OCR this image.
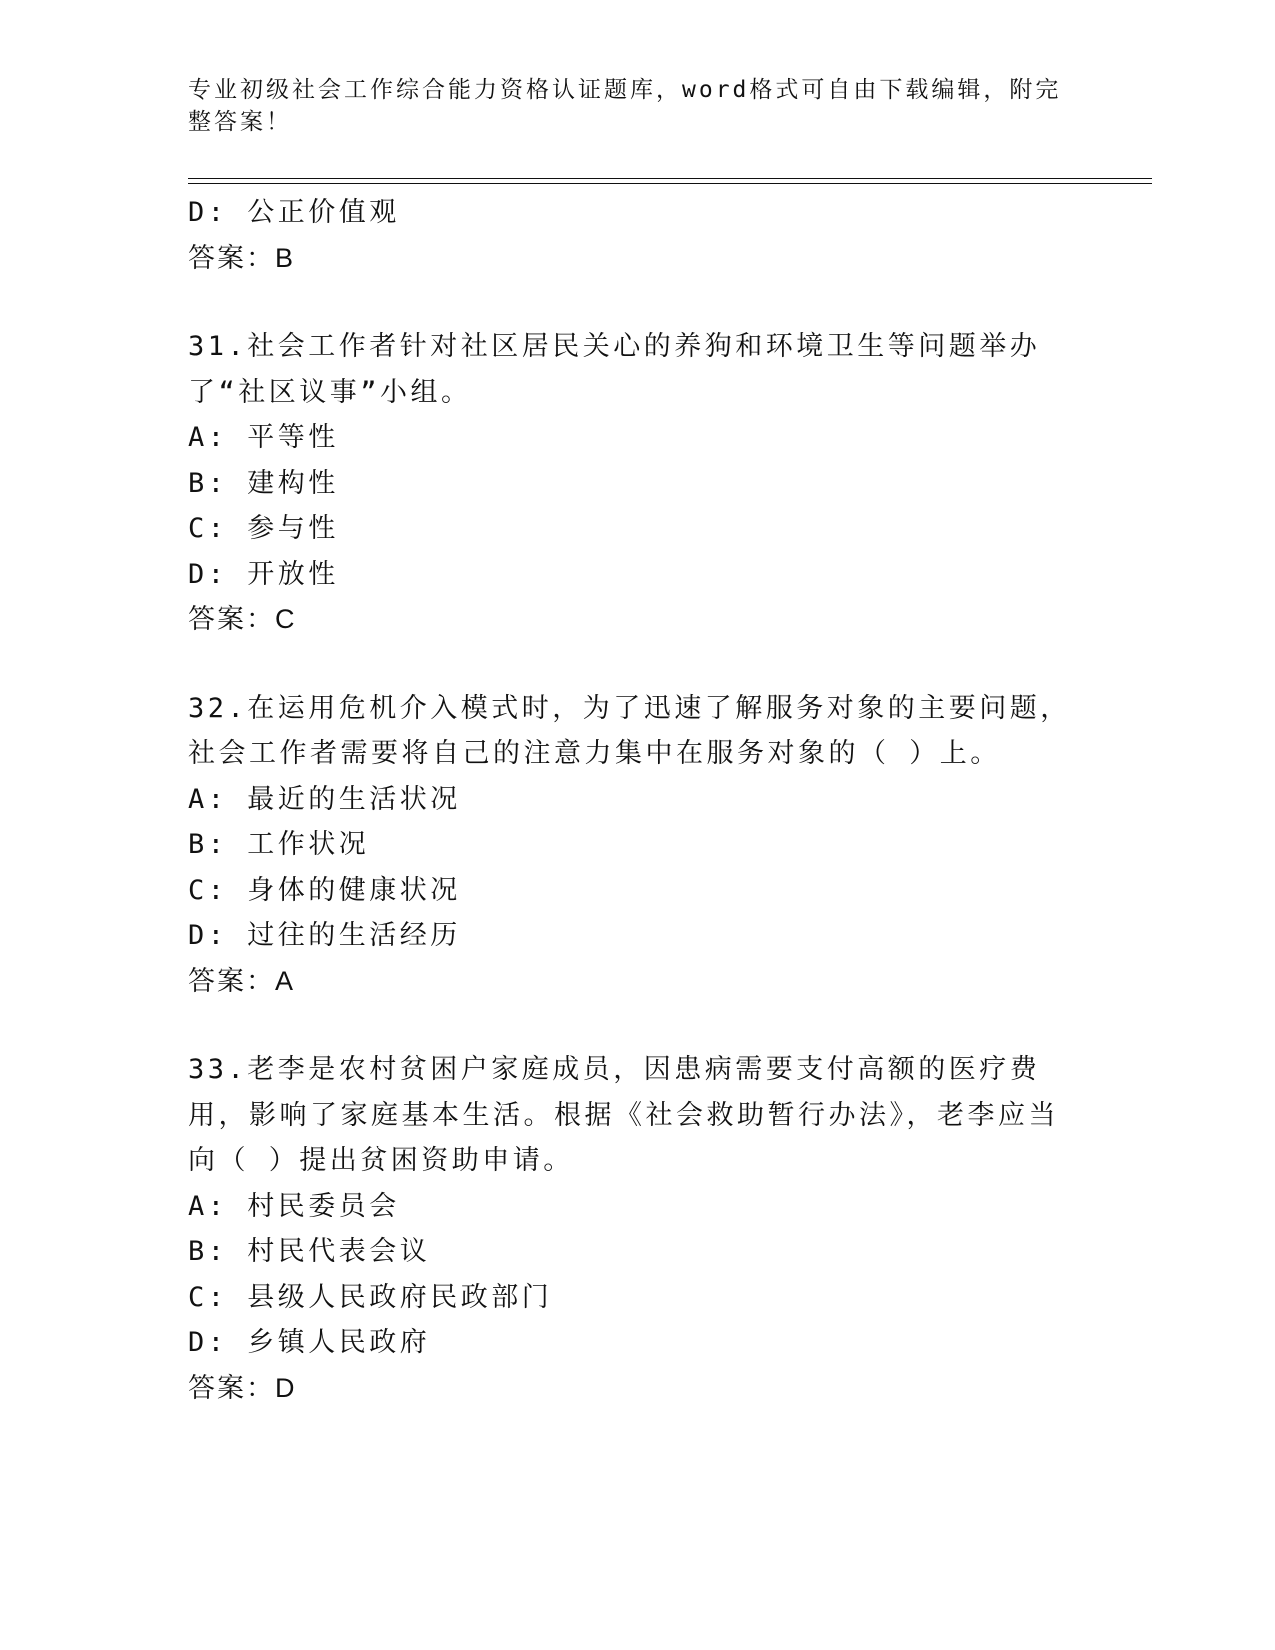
专业初级社会工作综合能力资格认证题库，word格式可自由下载编辑，附完整答案！
D: 公正价值观
答案：B
31.社会工作者针对社区居民关心的养狗和环境卫生等问题举办了“社区议事”小组。
A: 平等性
B: 建构性
C: 参与性
D: 开放性
答案：C
32.在运用危机介入模式时，为了迅速了解服务对象的主要问题，社会工作者需要将自己的注意力集中在服务对象的（ ）上。
A: 最近的生活状况
B: 工作状况
C: 身体的健康状况
D: 过往的生活经历
答案：A
33.老李是农村贫困户家庭成员，因患病需要支付高额的医疗费用，影响了家庭基本生活。根据《社会救助暂行办法》，老李应当向（ ）提出贫困资助申请。
A: 村民委员会
B: 村民代表会议
C: 县级人民政府民政部门
D: 乡镇人民政府
答案：D
